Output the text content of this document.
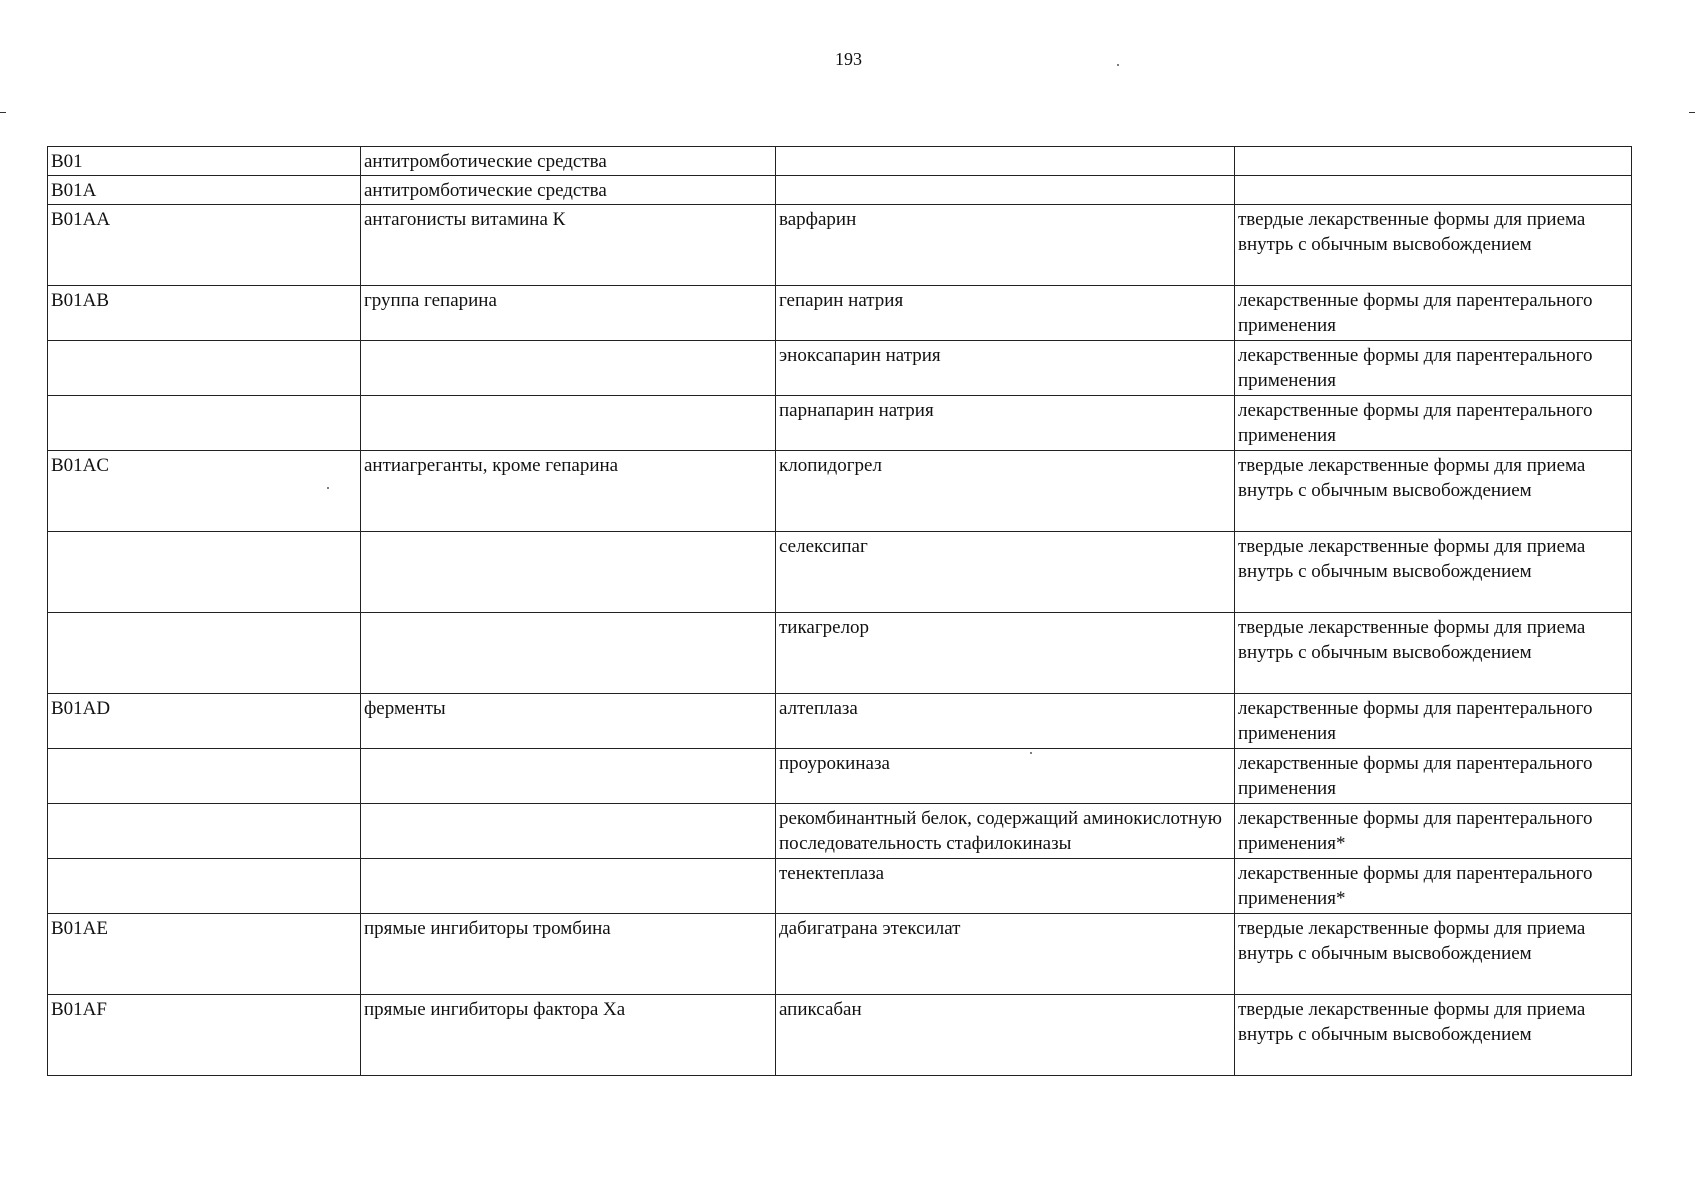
193
B01	антитромботические средства		
B01A	антитромботические средства		
B01AA	антагонисты витамина К	варфарин	твердые лекарственные формы для приема внутрь с обычным высвобождением
B01AB	группа гепарина	гепарин натрия	лекарственные формы для парентерального применения
		эноксапарин натрия	лекарственные формы для парентерального применения
		парнапарин натрия	лекарственные формы для парентерального применения
B01AC	антиагреганты, кроме гепарина	клопидогрел	твердые лекарственные формы для приема внутрь с обычным высвобождением
		селексипаг	твердые лекарственные формы для приема внутрь с обычным высвобождением
		тикагрелор	твердые лекарственные формы для приема внутрь с обычным высвобождением
B01AD	ферменты	алтеплаза	лекарственные формы для парентерального применения
		проурокиназа	лекарственные формы для парентерального применения
		рекомбинантный белок, содержащий аминокислотную последовательность стафилокиназы	лекарственные формы для парентерального применения*
		тенектеплаза	лекарственные формы для парентерального применения*
B01AE	прямые ингибиторы тромбина	дабигатрана этексилат	твердые лекарственные формы для приема внутрь с обычным высвобождением
B01AF	прямые ингибиторы фактора Xa	апиксабан	твердые лекарственные формы для приема внутрь с обычным высвобождением
